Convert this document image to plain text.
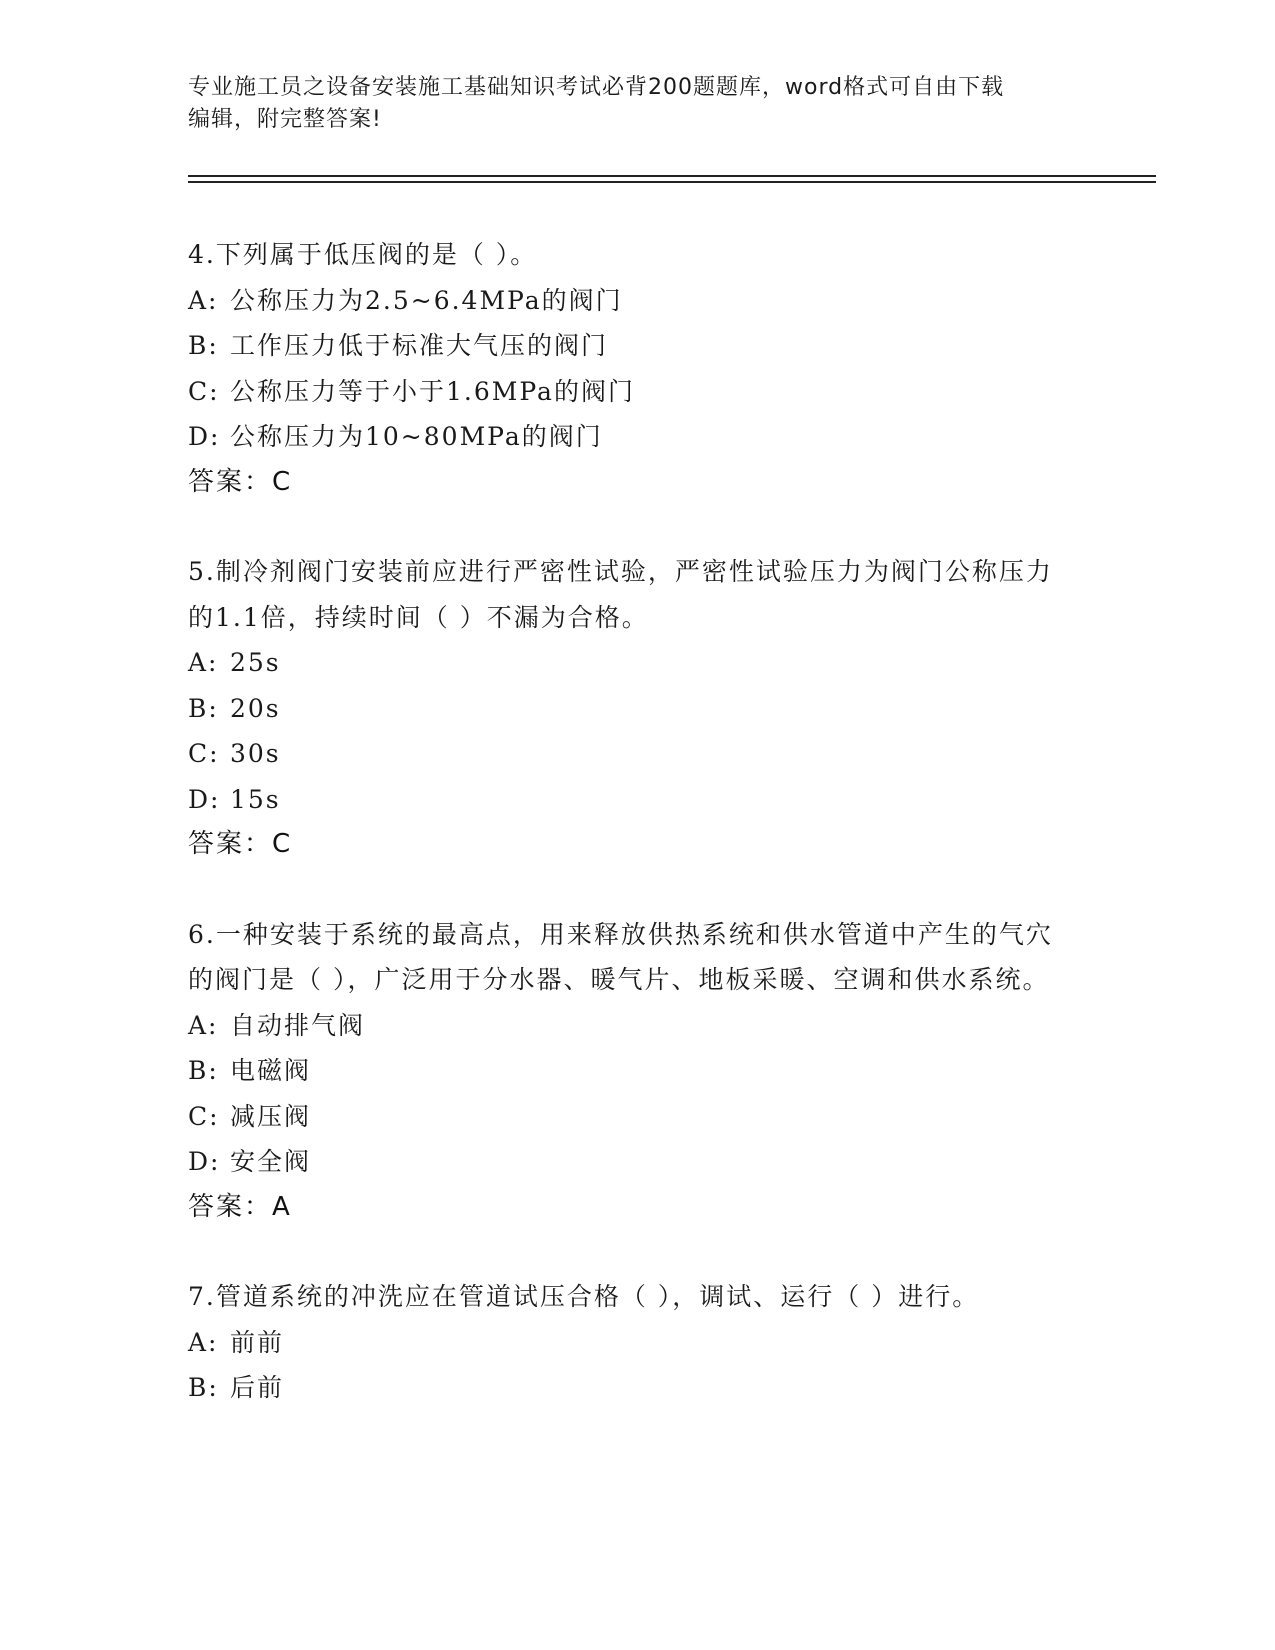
专业施工员之设备安装施工基础知识考试必背200题题库，word格式可自由下载
编辑，附完整答案!
4.下列属于低压阀的是（ ）。
A: 公称压力为2.5~6.4MPa的阀门
B: 工作压力低于标准大气压的阀门
C: 公称压力等于小于1.6MPa的阀门
D: 公称压力为10~80MPa的阀门
答案：C
5.制冷剂阀门安装前应进行严密性试验，严密性试验压力为阀门公称压力的1.1倍，持续时间（ ）不漏为合格。
A: 25s
B: 20s
C: 30s
D: 15s
答案：C
6.一种安装于系统的最高点，用来释放供热系统和供水管道中产生的气穴的阀门是（ ），广泛用于分水器、暖气片、地板采暖、空调和供水系统。
A: 自动排气阀
B: 电磁阀
C: 减压阀
D: 安全阀
答案：A
7.管道系统的冲洗应在管道试压合格（ ），调试、运行（ ）进行。
A: 前前
B: 后前
